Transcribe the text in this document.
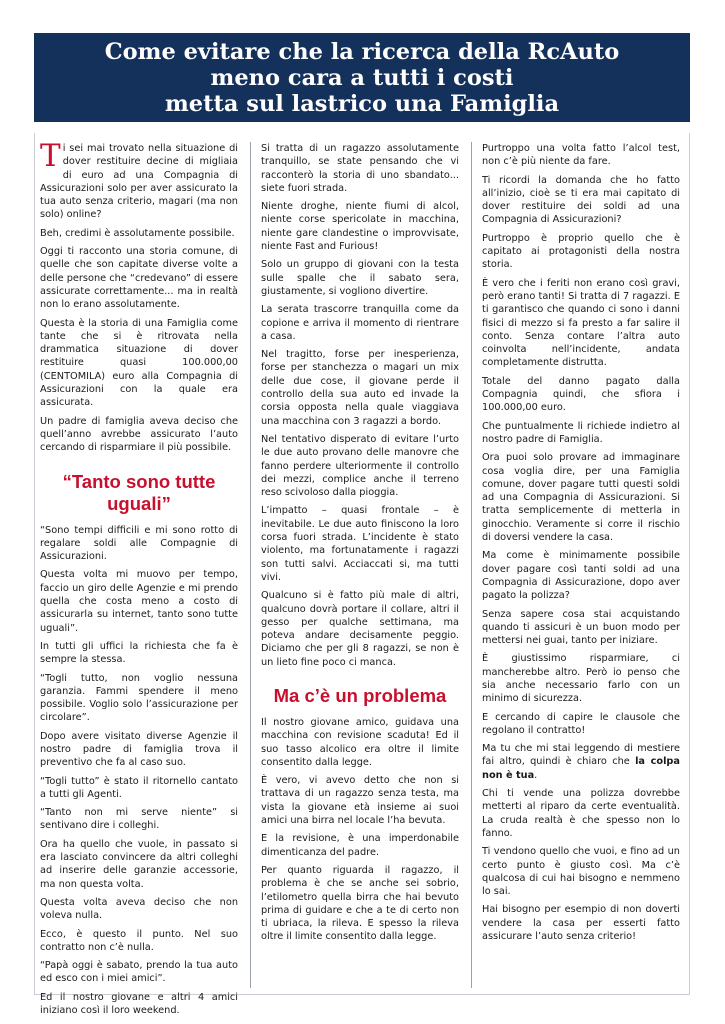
Come evitare che la ricerca della RcAuto
meno cara a tutti i costi
metta sul lastrico una Famiglia

Ti sei mai trovato nella situazione di dover restituire decine di migliaia di euro ad una Compagnia di Assicurazioni solo per aver assicurato la tua auto senza criterio, magari (ma non solo) online?

Beh, credimi è assolutamente possibile.

Oggi ti racconto una storia comune, di quelle che son capitate diverse volte a delle persone che “credevano” di essere assicurate correttamente... ma in realtà non lo erano assolutamente.

Questa è la storia di una Famiglia come tante che si è ritrovata nella drammatica situazione di dover restituire quasi 100.000,00 (CENTOMILA) euro alla Compagnia di Assicurazioni con la quale era assicurata.

Un padre di famiglia aveva deciso che quell’anno avrebbe assicurato l’auto cercando di risparmiare il più possibile.

“Tanto sono tutte uguali”

“Sono tempi difficili e mi sono rotto di regalare soldi alle Compagnie di Assicurazioni.

Questa volta mi muovo per tempo, faccio un giro delle Agenzie e mi prendo quella che costa meno a costo di assicurarla su internet, tanto sono tutte uguali”.

In tutti gli uffici la richiesta che fa è sempre la stessa.

“Togli tutto, non voglio nessuna garanzia. Fammi spendere il meno possibile. Voglio solo l’assicurazione per circolare”.

Dopo avere visitato diverse Agenzie il nostro padre di famiglia trova il preventivo che fa al caso suo.

“Togli tutto” è stato il ritornello cantato a tutti gli Agenti.

“Tanto non mi serve niente” si sentivano dire i colleghi.

Ora ha quello che vuole, in passato si era lasciato convincere da altri colleghi ad inserire delle garanzie accessorie, ma non questa volta.

Questa volta aveva deciso che non voleva nulla.

Ecco, è questo il punto. Nel suo contratto non c’è nulla.

“Papà oggi è sabato, prendo la tua auto ed esco con i miei amici”.

Ed il nostro giovane e altri 4 amici iniziano così il loro weekend.

Si tratta di un ragazzo assolutamente tranquillo, se state pensando che vi racconterò la storia di uno sbandato... siete fuori strada.

Niente droghe, niente fiumi di alcol, niente corse spericolate in macchina, niente gare clandestine o improvvisate, niente Fast and Furious!

Solo un gruppo di giovani con la testa sulle spalle che il sabato sera, giustamente, si vogliono divertire.

La serata trascorre tranquilla come da copione e arriva il momento di rientrare a casa.

Nel tragitto, forse per inesperienza, forse per stanchezza o magari un mix delle due cose, il giovane perde il controllo della sua auto ed invade la corsia opposta nella quale viaggiava una macchina con 3 ragazzi a bordo.

Nel tentativo disperato di evitare l’urto le due auto provano delle manovre che fanno perdere ulteriormente il controllo dei mezzi, complice anche il terreno reso scivoloso dalla pioggia.

L’impatto – quasi frontale – è inevitabile. Le due auto finiscono la loro corsa fuori strada. L’incidente è stato violento, ma fortunatamente i ragazzi son tutti salvi. Acciaccati si, ma tutti vivi.

Qualcuno si è fatto più male di altri, qualcuno dovrà portare il collare, altri il gesso per qualche settimana, ma poteva andare decisamente peggio. Diciamo che per gli 8 ragazzi, se non è un lieto fine poco ci manca.

Ma c’è un problema

Il nostro giovane amico, guidava una macchina con revisione scaduta! Ed il suo tasso alcolico era oltre il limite consentito dalla legge.

È vero, vi avevo detto che non si trattava di un ragazzo senza testa, ma vista la giovane età insieme ai suoi amici una birra nel locale l’ha bevuta.

E la revisione, è una imperdonabile dimenticanza del padre.

Per quanto riguarda il ragazzo, il problema è che se anche sei sobrio, l’etilometro quella birra che hai bevuto prima di guidare e che a te di certo non ti ubriaca, la rileva. E spesso la rileva oltre il limite consentito dalla legge.

Purtroppo una volta fatto l’alcol test, non c’è più niente da fare.

Ti ricordi la domanda che ho fatto all’inizio, cioè se ti era mai capitato di dover restituire dei soldi ad una Compagnia di Assicurazioni?

Purtroppo è proprio quello che è capitato ai protagonisti della nostra storia.

È vero che i feriti non erano così gravi, però erano tanti! Si tratta di 7 ragazzi. E ti garantisco che quando ci sono i danni fisici di mezzo si fa presto a far salire il conto. Senza contare l’altra auto coinvolta nell’incidente, andata completamente distrutta.

Totale del danno pagato dalla Compagnia quindi, che sfiora i 100.000,00 euro.

Che puntualmente li richiede indietro al nostro padre di Famiglia.

Ora puoi solo provare ad immaginare cosa voglia dire, per una Famiglia comune, dover pagare tutti questi soldi ad una Compagnia di Assicurazioni. Si tratta semplicemente di metterla in ginocchio. Veramente si corre il rischio di doversi vendere la casa.

Ma come è minimamente possibile dover pagare così tanti soldi ad una Compagnia di Assicurazione, dopo aver pagato la polizza?

Senza sapere cosa stai acquistando quando ti assicuri è un buon modo per mettersi nei guai, tanto per iniziare.

È giustissimo risparmiare, ci mancherebbe altro. Però io penso che sia anche necessario farlo con un minimo di sicurezza.

E cercando di capire le clausole che regolano il contratto!

Ma tu che mi stai leggendo di mestiere fai altro, quindi è chiaro che la colpa non è tua.

Chi ti vende una polizza dovrebbe metterti al riparo da certe eventualità. La cruda realtà è che spesso non lo fanno.

Ti vendono quello che vuoi, e fino ad un certo punto è giusto così. Ma c’è qualcosa di cui hai bisogno e nemmeno lo sai.

Hai bisogno per esempio di non doverti vendere la casa per esserti fatto assicurare l’auto senza criterio!
